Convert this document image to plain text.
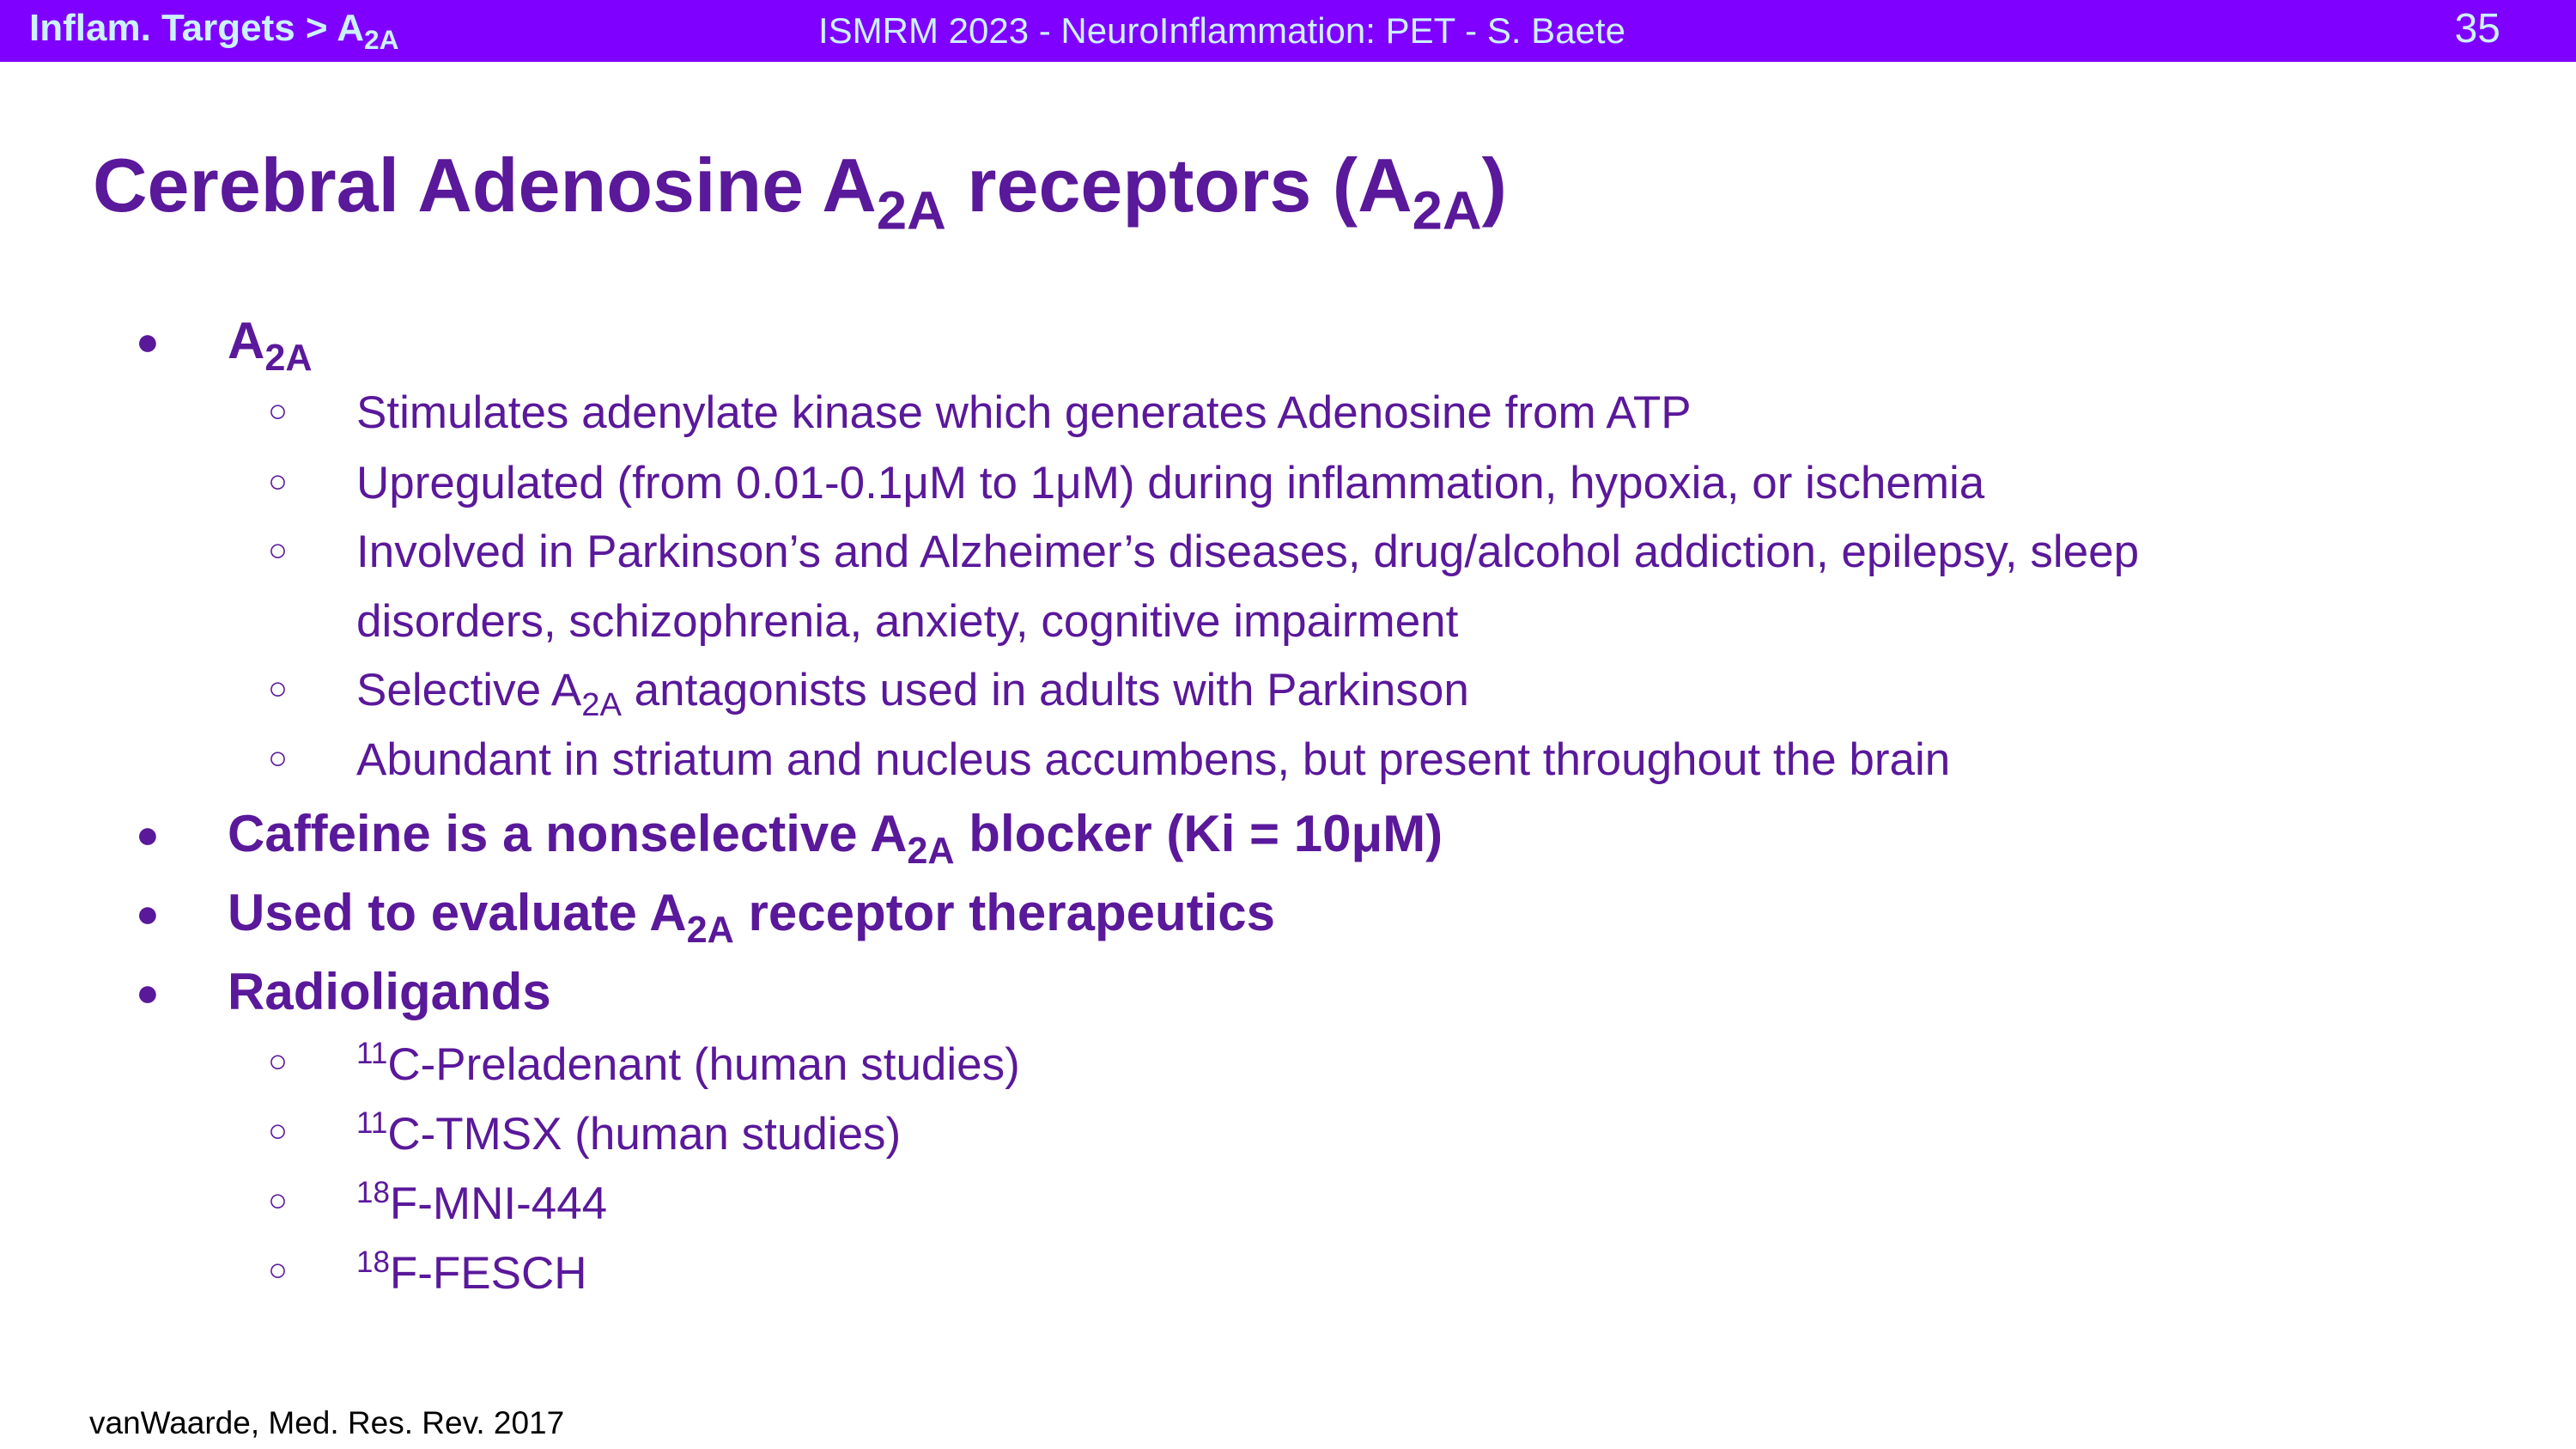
Inflam. Targets > $A_{2A}$	ISMRM 2023 - NeuroInflammation: PET - S. Baete	35
Cerebral Adenosine $A_{2A}$ receptors $(A_{2A})$
● $A_{2A}$
○ Stimulates adenylate kinase which generates Adenosine from ATP
○ Upregulated (from 0.01-0.1μM to 1μM) during inflammation, hypoxia, or ischemia
○ Involved in Parkinson’s and Alzheimer’s diseases, drug/alcohol addiction, epilepsy, sleep
disorders, schizophrenia, anxiety, cognitive impairment
○ Selective $A_{2A}$ antagonists used in adults with Parkinson
○ Abundant in striatum and nucleus accumbens, but present throughout the brain
● Caffeine is a nonselective $A_{2A}$ blocker (Ki = 10μM)
● Used to evaluate $A_{2A}$ receptor therapeutics
● Radioligands
○ $^{11}$C-Preladenant (human studies)
○ $^{11}$C-TMSX (human studies)
○ $^{18}$F-MNI-444
○ $^{18}$F-FESCH
vanWaarde, Med. Res. Rev. 2017
